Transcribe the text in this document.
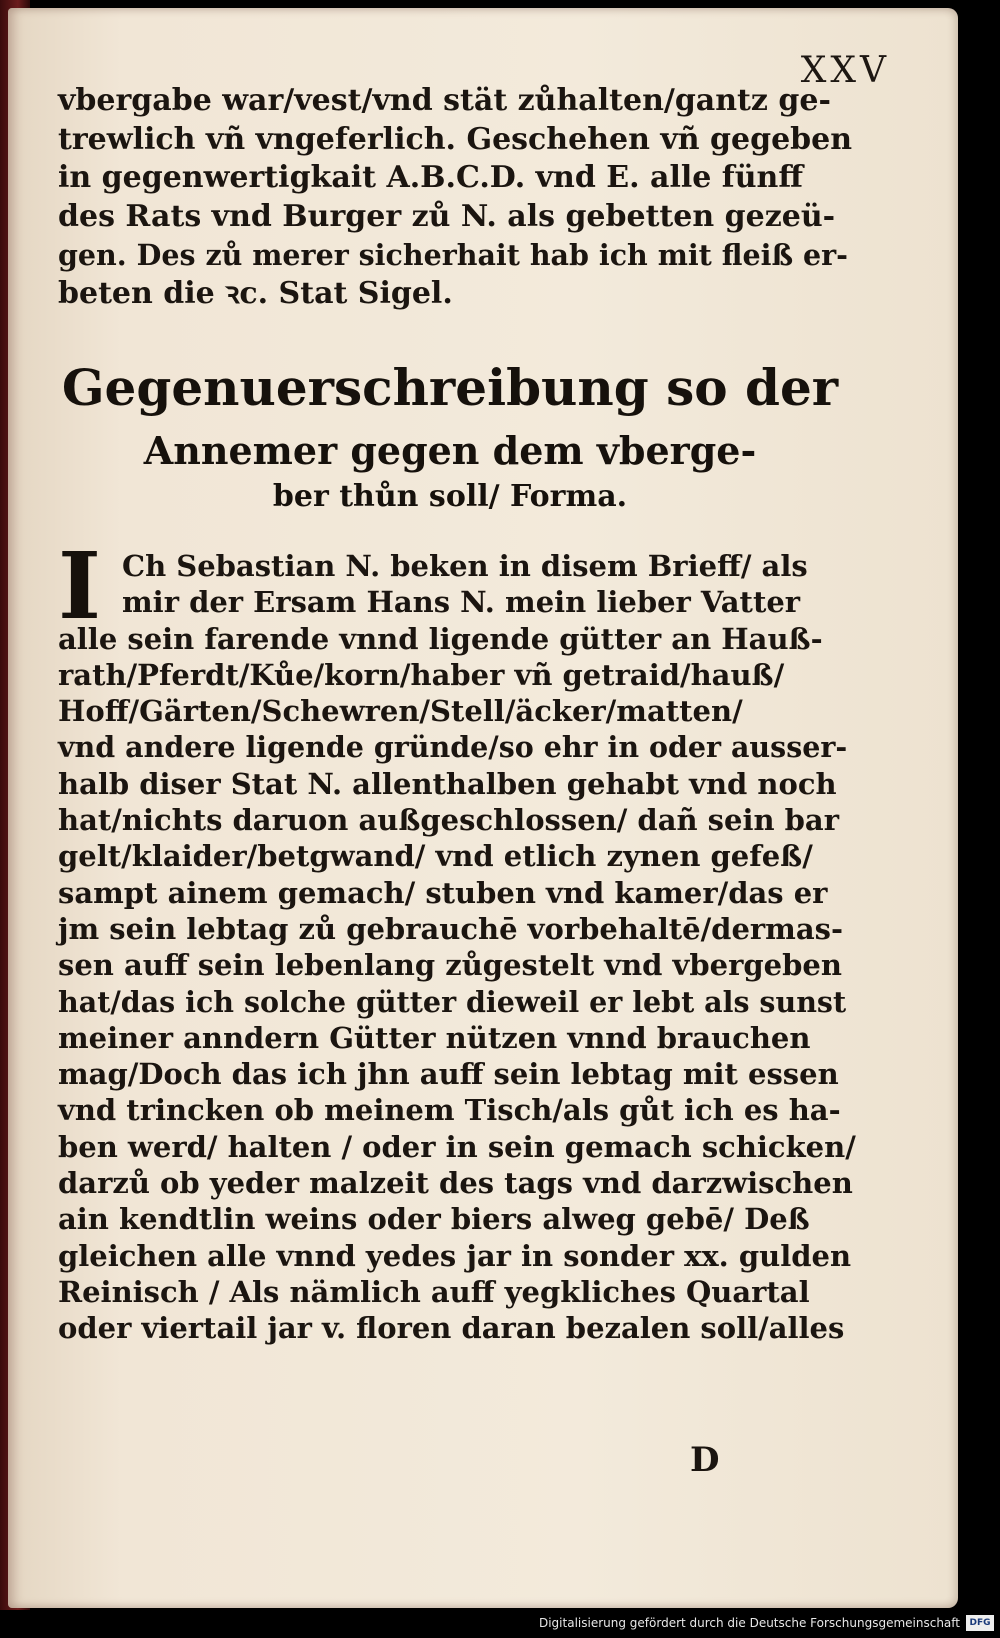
XXV
vbergabe war/vest/vnd stät zůhalten/gantz ge-
trewlich vñ vngeferlich. Geschehen vñ gegeben
in gegenwertigkait A.B.C.D. vnd E. alle fünff
des Rats vnd Burger zů N. als gebetten gezeü-
gen. Des zů merer sicherhait hab ich mit fleiß er-
beten die ꝛc. Stat Sigel.
Gegenuerschreibung so der
Annemer gegen dem vberge-
ber thůn soll/ Forma.
I Ch Sebastian N. beken in disem Brieff/ als
mir der Ersam Hans N. mein lieber Vatter
alle sein farende vnnd ligende gütter an Hauß-
rath/Pferdt/Kůe/korn/haber vñ getraid/hauß/
Hoff/Gärten/Schewren/Stell/äcker/matten/
vnd andere ligende gründe/so ehr in oder ausser-
halb diser Stat N. allenthalben gehabt vnd noch
hat/nichts daruon außgeschlossen/ dañ sein bar
gelt/klaider/betgwand/ vnd etlich zynen gefeß/
sampt ainem gemach/ stuben vnd kamer/das er
jm sein lebtag zů gebrauchē vorbehaltē/dermas-
sen auff sein lebenlang zůgestelt vnd vbergeben
hat/das ich solche gütter dieweil er lebt als sunst
meiner anndern Gütter nützen vnnd brauchen
mag/Doch das ich jhn auff sein lebtag mit essen
vnd trincken ob meinem Tisch/als gůt ich es ha-
ben werd/ halten / oder in sein gemach schicken/
darzů ob yeder malzeit des tags vnd darzwischen
ain kendtlin weins oder biers alweg gebē/ Deß
gleichen alle vnnd yedes jar in sonder xx. gulden
Reinisch / Als nämlich auff yegkliches Quartal
oder viertail jar v. floren daran bezalen soll/alles
D
Digitalisierung gefördert durch die Deutsche Forschungsgemeinschaft	DFG
